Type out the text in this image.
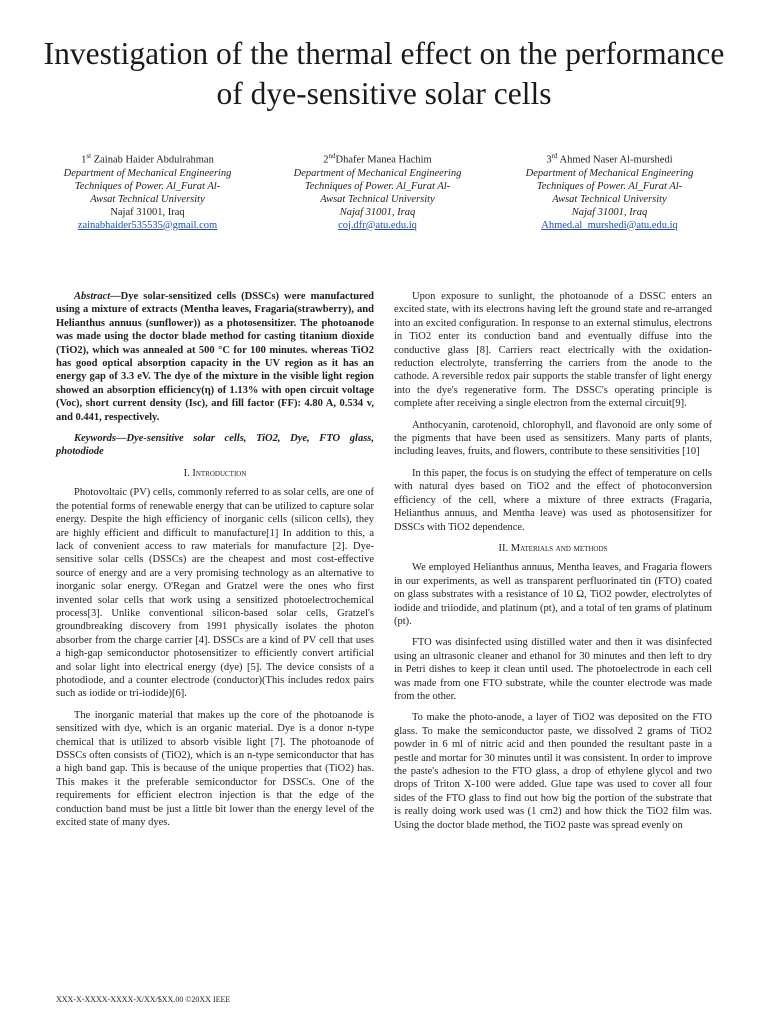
Investigation of the thermal effect on the performance of dye-sensitive solar cells
1st Zainab Haider Abdulrahman
Department of Mechanical Engineering
Techniques of Power. Al_Furat Al-
Awsat Technical University
Najaf 31001, Iraq
zainabhaider535535@gmail.com
2ndDhafer Manea Hachim
Department of Mechanical Engineering
Techniques of Power. Al_Furat Al-
Awsat Technical University
Najaf 31001, Iraq
coj.dfr@atu.edu.iq
3rd Ahmed Naser Al-murshedi
Department of Mechanical Engineering
Techniques of Power. Al_Furat Al-
Awsat Technical University
Najaf 31001, Iraq
Ahmed.al_murshedi@atu.edu.iq

Abstract—Dye solar-sensitized cells (DSSCs) were manufactured using a mixture of extracts (Mentha leaves, Fragaria(strawberry), and Helianthus annuus (sunflower)) as a photosensitizer. The photoanode was made using the doctor blade method for casting titanium dioxide (TiO2), which was annealed at 500 °C for 100 minutes. whereas TiO2 has good optical absorption capacity in the UV region as it has an energy gap of 3.3 eV. The dye of the mixture in the visible light region showed an absorption efficiency(η) of 1.13% with open circuit voltage (Voc), short current density (Isc), and fill factor (FF): 4.80 A, 0.534 v, and 0.441, respectively.

Keywords—Dye-sensitive solar cells, TiO2, Dye, FTO glass, photodiode

I. Introduction

Photovoltaic (PV) cells, commonly referred to as solar cells, are one of the potential forms of renewable energy that can be utilized to capture solar energy. Despite the high efficiency of inorganic cells (silicon cells), they are highly efficient and difficult to manufacture[1] In addition to this, a lack of convenient access to raw materials for manufacture [2]. Dye-sensitive solar cells (DSSCs) are the cheapest and most cost-effective source of energy and are a very promising technology as an alternative to inorganic solar energy. O'Regan and Gratzel were the ones who first invented solar cells that work using a sensitized photoelectrochemical process[3]. Unlike conventional silicon-based solar cells, Gratzel's groundbreaking discovery from 1991 physically isolates the photon absorber from the charge carrier [4]. DSSCs are a kind of PV cell that uses a high-gap semiconductor photosensitizer to efficiently convert artificial and solar light into electrical energy (dye) [5]. The device consists of a photodiode, and a counter electrode (conductor)(This includes redox pairs such as iodide or tri-iodide)[6].

The inorganic material that makes up the core of the photoanode is sensitized with dye, which is an organic material. Dye is a donor n-type chemical that is utilized to absorb visible light [7]. The photoanode of DSSCs often consists of (TiO2), which is an n-type semiconductor that has a high band gap. This is because of the unique properties that (TiO2) has. This makes it the preferable semiconductor for DSSCs. One of the requirements for efficient electron injection is that the edge of the conduction band must be just a little bit lower than the energy level of the excited state of many dyes.

Upon exposure to sunlight, the photoanode of a DSSC enters an excited state, with its electrons having left the ground state and re-arranged into an excited configuration. In response to an external stimulus, electrons in TiO2 enter its conduction band and eventually diffuse into the conductive glass [8]. Carriers react electrically with the oxidation-reduction electrolyte, transferring the carriers from the anode to the cathode. A reversible redox pair supports the stable transfer of light energy into the dye's regenerative form. The DSSC's operating principle is complete after receiving a single electron from the external circuit[9].

Anthocyanin, carotenoid, chlorophyll, and flavonoid are only some of the pigments that have been used as sensitizers. Many parts of plants, including leaves, fruits, and flowers, contribute to these sensitivities [10]

In this paper, the focus is on studying the effect of temperature on cells with natural dyes based on TiO2 and the effect of photoconversion efficiency of the cell, where a mixture of three extracts (Fragaria, Helianthus annuus, and Mentha leave) was used as photosensitizer for DSSCs with TiO2 dependence.

II. Materials and methods

We employed Helianthus annuus, Mentha leaves, and Fragaria flowers in our experiments, as well as transparent perfluorinated tin (FTO) coated on glass substrates with a resistance of 10 Ω, TiO2 powder, electrolytes of iodide and triiodide, and platinum (pt), and a total of ten grams of platinum (pt).

FTO was disinfected using distilled water and then it was disinfected using an ultrasonic cleaner and ethanol for 30 minutes and then left to dry in Petri dishes to keep it clean until used. The photoelectrode in each cell was made from one FTO substrate, while the counter electrode was made from the other.

To make the photo-anode, a layer of TiO2 was deposited on the FTO glass. To make the semiconductor paste, we dissolved 2 grams of TiO2 powder in 6 ml of nitric acid and then pounded the resultant paste in a pestle and mortar for 30 minutes until it was consistent. In order to improve the paste's adhesion to the FTO glass, a drop of ethylene glycol and two drops of Triton X-100 were added. Glue tape was used to cover all four sides of the FTO glass to find out how big the portion of the substrate that is really doing work used was (1 cm2) and how thick the TiO2 film was. Using the doctor blade method, the TiO2 paste was spread evenly on

XXX-X-XXXX-XXXX-X/XX/$XX.00 ©20XX IEEE
